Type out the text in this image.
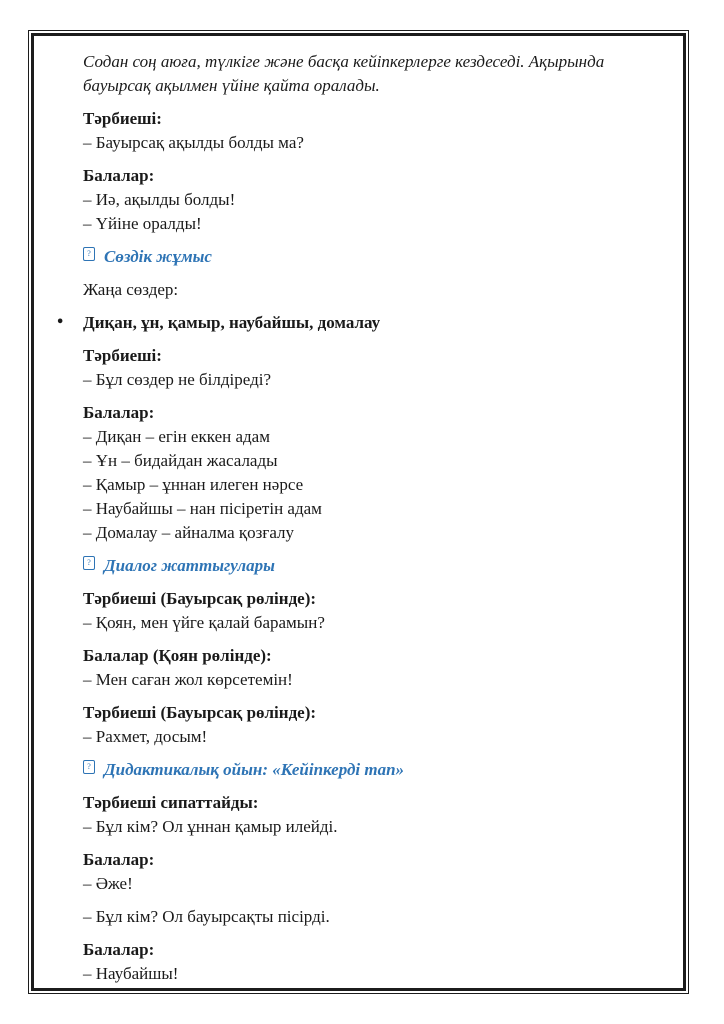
Содан соң аюға, түлкіге және басқа кейіпкерлерге кездеседі. Ақырында
бауырсақ ақылмен үйіне қайта оралады.
Тәрбиеші:
– Бауырсақ ақылды болды ма?
Балалар:
– Иә, ақылды болды!
– Үйіне оралды!
? Сөздік жұмыс
Жаңа сөздер:
• Диқан, ұн, қамыр, наубайшы, домалау
Тәрбиеші:
– Бұл сөздер не білдіреді?
Балалар:
– Диқан – егін еккен адам
– Ұн – бидайдан жасалады
– Қамыр – ұннан илеген нәрсе
– Наубайшы – нан пісіретін адам
– Домалау – айналма қозғалу
? Диалог жаттыгулары
Тәрбиеші (Бауырсақ рөлінде):
– Қоян, мен үйге қалай барамын?
Балалар (Қоян рөлінде):
– Мен саған жол көрсетемін!
Тәрбиеші (Бауырсақ рөлінде):
– Рахмет, досым!
? Дидактикалық ойын: «Кейіпкерді тап»
Тәрбиеші сипаттайды:
– Бұл кім? Ол ұннан қамыр илейді.
Балалар:
– Әже!
– Бұл кім? Ол бауырсақты пісірді.
Балалар:
– Наубайшы!
